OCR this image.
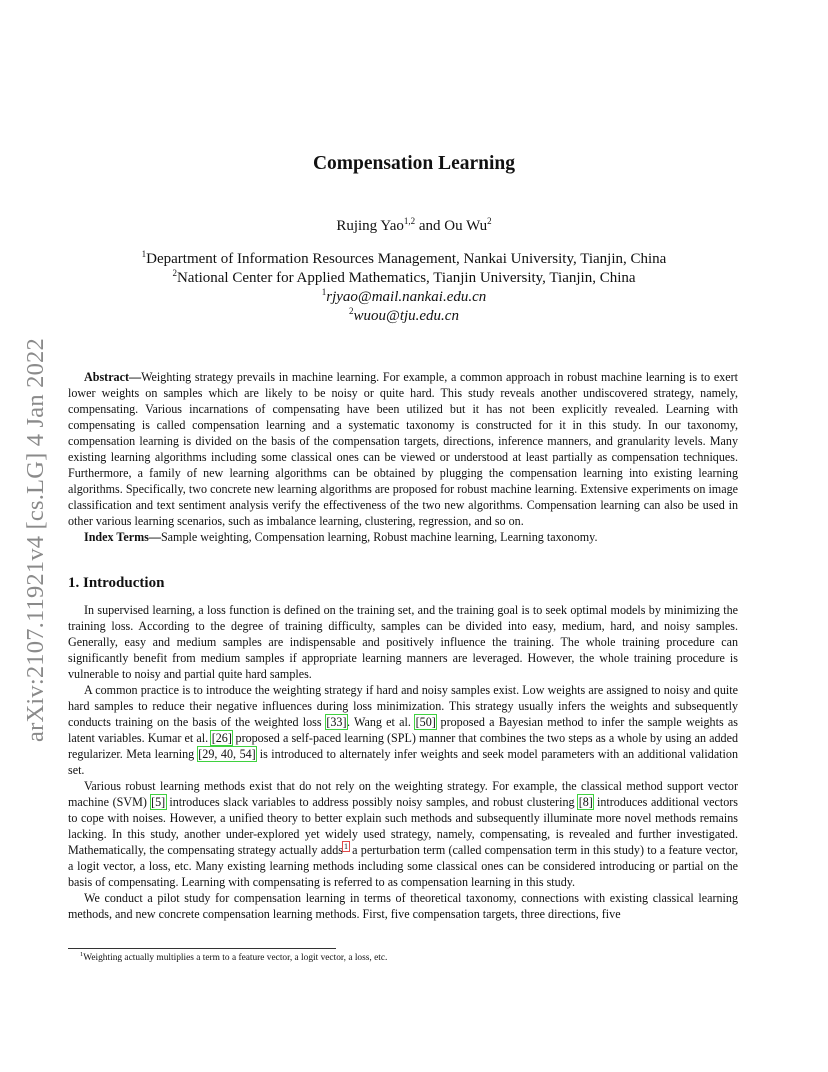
arXiv:2107.11921v4 [cs.LG] 4 Jan 2022
Compensation Learning
Rujing Yao$^{1,2}$ and Ou Wu$^2$
$^1$Department of Information Resources Management, Nankai University, Tianjin, China
$^2$National Center for Applied Mathematics, Tianjin University, Tianjin, China
$^1$rjyao@mail.nankai.edu.cn
$^2$wuou@tju.edu.cn

Abstract—Weighting strategy prevails in machine learning. For example, a common approach in robust machine learning is to exert lower weights on samples which are likely to be noisy or quite hard. This study reveals another undiscovered strategy, namely, compensating. Various incarnations of compensating have been utilized but it has not been explicitly revealed. Learning with compensating is called compensation learning and a systematic taxonomy is constructed for it in this study. In our taxonomy, compensation learning is divided on the basis of the compensation targets, directions, inference manners, and granularity levels. Many existing learning algorithms including some classical ones can be viewed or understood at least partially as compensation techniques. Furthermore, a family of new learning algorithms can be obtained by plugging the compensation learning into existing learning algorithms. Specifically, two concrete new learning algorithms are proposed for robust machine learning. Extensive experiments on image classification and text sentiment analysis verify the effectiveness of the two new algorithms. Compensation learning can also be used in other various learning scenarios, such as imbalance learning, clustering, regression, and so on.

Index Terms—Sample weighting, Compensation learning, Robust machine learning, Learning taxonomy.

1. Introduction

In supervised learning, a loss function is defined on the training set, and the training goal is to seek optimal models by minimizing the training loss. According to the degree of training difficulty, samples can be divided into easy, medium, hard, and noisy samples. Generally, easy and medium samples are indispensable and positively influence the training. The whole training procedure can significantly benefit from medium samples if appropriate learning manners are leveraged. However, the whole training procedure is vulnerable to noisy and partial quite hard samples.

A common practice is to introduce the weighting strategy if hard and noisy samples exist. Low weights are assigned to noisy and quite hard samples to reduce their negative influences during loss minimization. This strategy usually infers the weights and subsequently conducts training on the basis of the weighted loss [33]. Wang et al. [50] proposed a Bayesian method to infer the sample weights as latent variables. Kumar et al. [26] proposed a self-paced learning (SPL) manner that combines the two steps as a whole by using an added regularizer. Meta learning [29, 40, 54] is introduced to alternately infer weights and seek model parameters with an additional validation set.

Various robust learning methods exist that do not rely on the weighting strategy. For example, the classical method support vector machine (SVM) [5] introduces slack variables to address possibly noisy samples, and robust clustering [8] introduces additional vectors to cope with noises. However, a unified theory to better explain such methods and subsequently illuminate more novel methods remains lacking. In this study, another under-explored yet widely used strategy, namely, compensating, is revealed and further investigated. Mathematically, the compensating strategy actually adds$^1$ a perturbation term (called compensation term in this study) to a feature vector, a logit vector, a loss, etc. Many existing learning methods including some classical ones can be considered introducing or partial on the basis of compensating. Learning with compensating is referred to as compensation learning in this study.

We conduct a pilot study for compensation learning in terms of theoretical taxonomy, connections with existing classical learning methods, and new concrete compensation learning methods. First, five compensation targets, three directions, five

$^1$Weighting actually multiplies a term to a feature vector, a logit vector, a loss, etc.
